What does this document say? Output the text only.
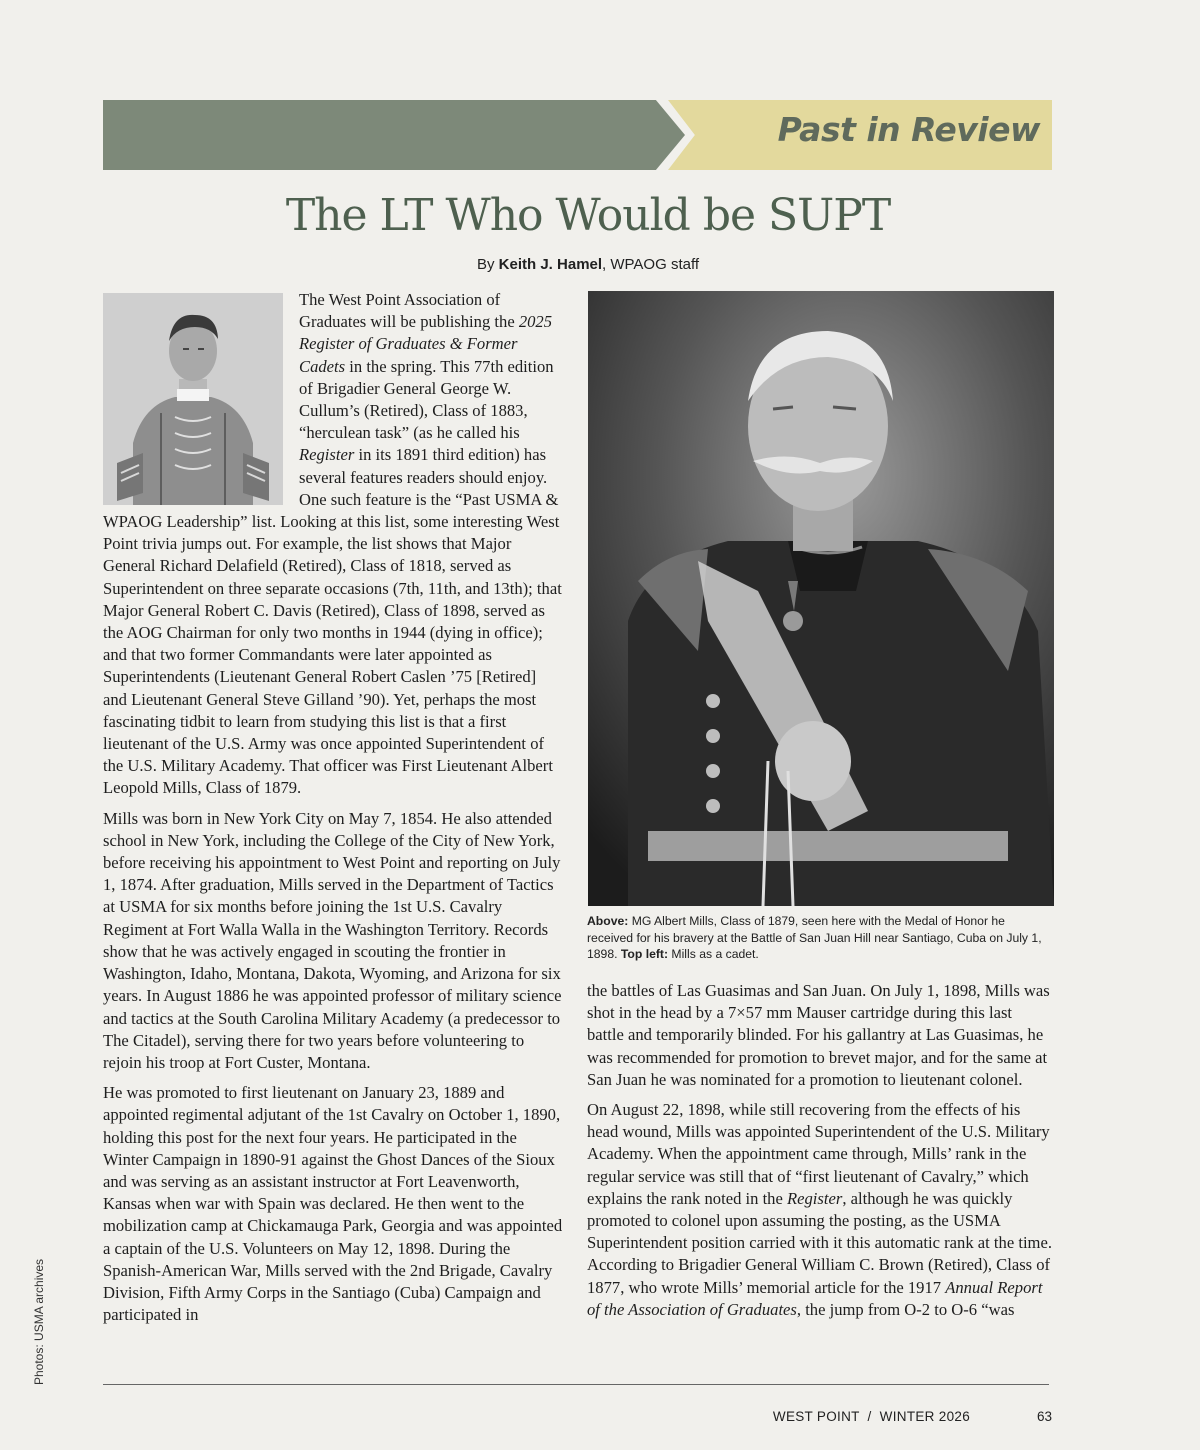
Past in Review
The LT Who Would be SUPT
By Keith J. Hamel, WPAOG staff

The West Point Association of Graduates will be publishing the 2025 Register of Graduates & Former Cadets in the spring. This 77th edition of Brigadier General George W. Cullum’s (Retired), Class of 1883, “herculean task” (as he called his Register in its 1891 third edition) has several features readers should enjoy. One such feature is the “Past USMA & WPAOG Leadership” list. Looking at this list, some interesting West Point trivia jumps out. For example, the list shows that Major General Richard Delafield (Retired), Class of 1818, served as Superintendent on three separate occasions (7th, 11th, and 13th); that Major General Robert C. Davis (Retired), Class of 1898, served as the AOG Chairman for only two months in 1944 (dying in office); and that two former Commandants were later appointed as Superintendents (Lieutenant General Robert Caslen ’75 [Retired] and Lieutenant General Steve Gilland ’90). Yet, perhaps the most fascinating tidbit to learn from studying this list is that a first lieutenant of the U.S. Army was once appointed Superintendent of the U.S. Military Academy. That officer was First Lieutenant Albert Leopold Mills, Class of 1879.

Mills was born in New York City on May 7, 1854. He also attended school in New York, including the College of the City of New York, before receiving his appointment to West Point and reporting on July 1, 1874. After graduation, Mills served in the Department of Tactics at USMA for six months before joining the 1st U.S. Cavalry Regiment at Fort Walla Walla in the Washington Territory. Records show that he was actively engaged in scouting the frontier in Washington, Idaho, Montana, Dakota, Wyoming, and Arizona for six years. In August 1886 he was appointed professor of military science and tactics at the South Carolina Military Academy (a predecessor to The Citadel), serving there for two years before volunteering to rejoin his troop at Fort Custer, Montana.

He was promoted to first lieutenant on January 23, 1889 and appointed regimental adjutant of the 1st Cavalry on October 1, 1890, holding this post for the next four years. He participated in the Winter Campaign in 1890-91 against the Ghost Dances of the Sioux and was serving as an assistant instructor at Fort Leavenworth, Kansas when war with Spain was declared. He then went to the mobilization camp at Chickamauga Park, Georgia and was appointed a captain of the U.S. Volunteers on May 12, 1898. During the Spanish-American War, Mills served with the 2nd Brigade, Cavalry Division, Fifth Army Corps in the Santiago (Cuba) Campaign and participated in

Above: MG Albert Mills, Class of 1879, seen here with the Medal of Honor he received for his bravery at the Battle of San Juan Hill near Santiago, Cuba on July 1, 1898. Top left: Mills as a cadet.

the battles of Las Guasimas and San Juan. On July 1, 1898, Mills was shot in the head by a 7×57 mm Mauser cartridge during this last battle and temporarily blinded. For his gallantry at Las Guasimas, he was recommended for promotion to brevet major, and for the same at San Juan he was nominated for a promotion to lieutenant colonel.

On August 22, 1898, while still recovering from the effects of his head wound, Mills was appointed Superintendent of the U.S. Military Academy. When the appointment came through, Mills’ rank in the regular service was still that of “first lieutenant of Cavalry,” which explains the rank noted in the Register, although he was quickly promoted to colonel upon assuming the posting, as the USMA Superintendent position carried with it this automatic rank at the time. According to Brigadier General William C. Brown (Retired), Class of 1877, who wrote Mills’ memorial article for the 1917 Annual Report of the Association of Graduates, the jump from O-2 to O-6 “was

Photos: USMA archives
WEST POINT  /  WINTER 2026	63
